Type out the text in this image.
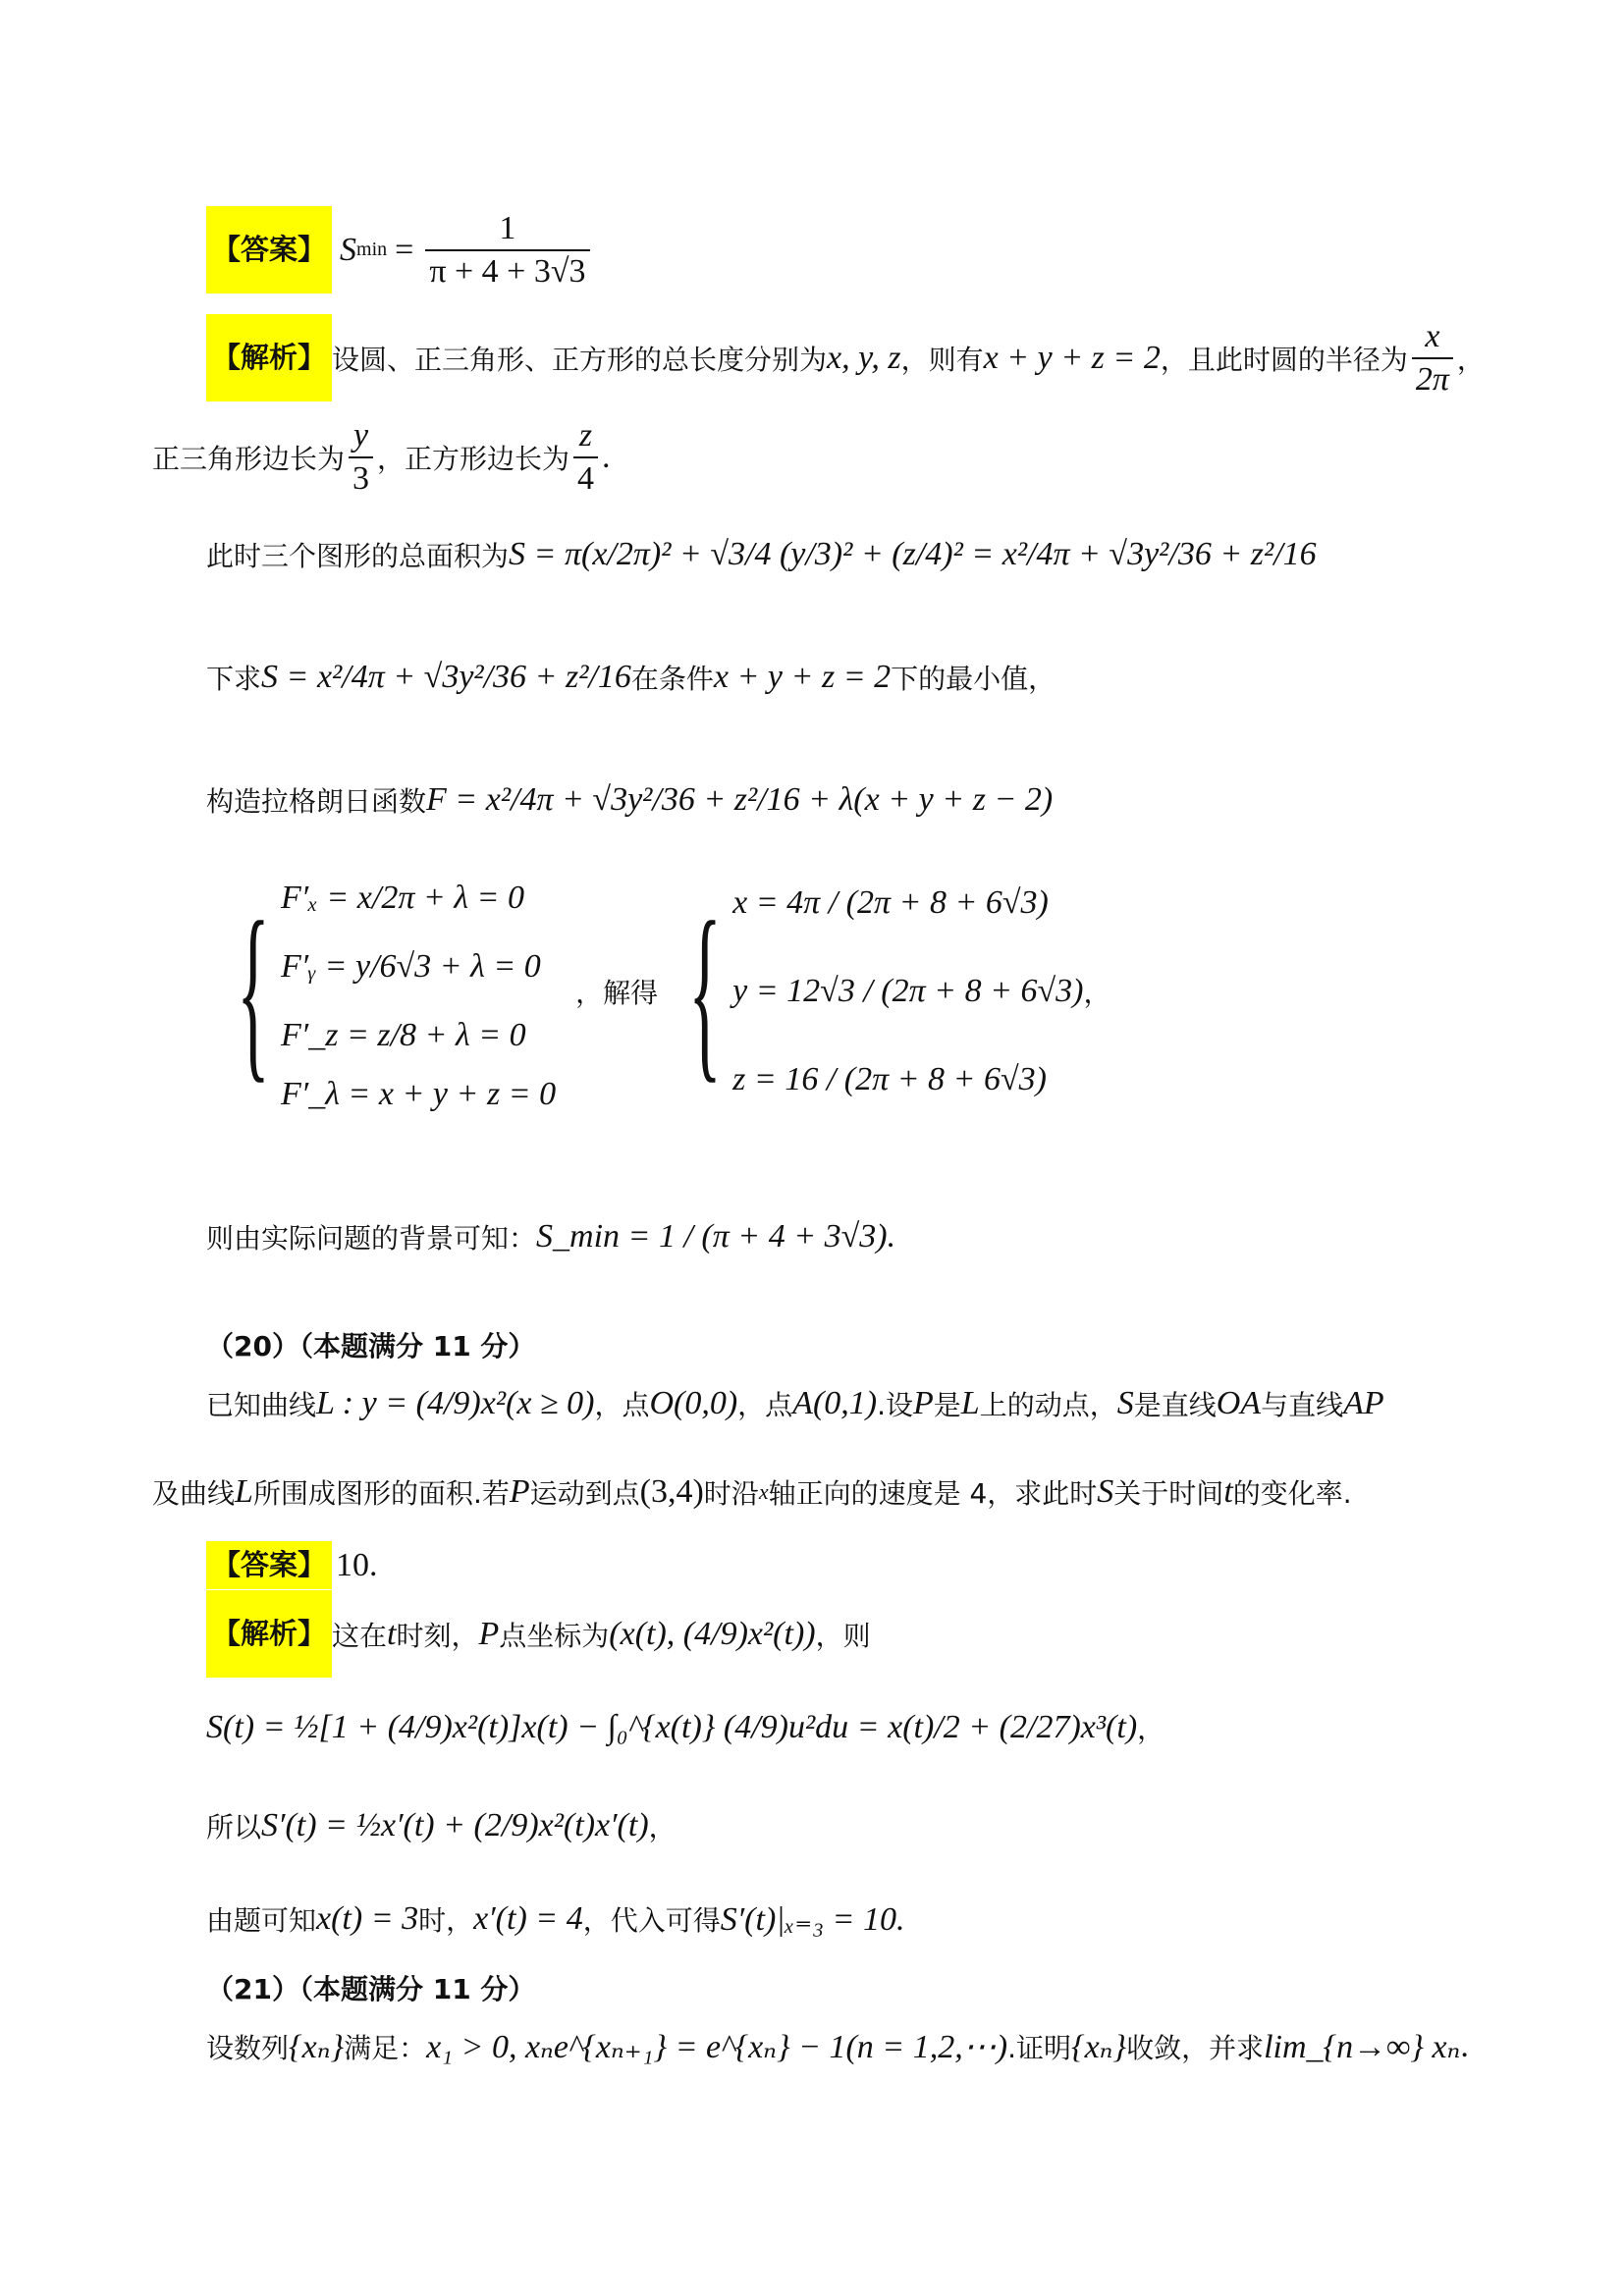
【答案】 S $\min = \frac{1}{\pi + 4 + 3√3}$
【解析】 设圆、正三角形、正方形的总长度分别为 x, y, z ，则有 x + y + z = 2 ，且此时圆的半径为 $\frac{x}{2\pi}$ ，
正三角形边长为 $\frac{y}{3}$ ，正方形边长为 $\frac{z}{4}$ .
此时三个图形的总面积为 S = π(x/2π)² + √3/4 (y/3)² + (z/4)² = x²/4π + √3y²/36 + z²/16
下求 S = x²/4π + √3y²/36 + z²/16 在条件 x + y + z = 2 下的最小值，
构造拉格朗日函数 F = x²/4π + √3y²/36 + z²/16 + λ(x + y + z − 2)
{ F′ₓ = x/2π + λ = 0
F′ᵧ = y/6√3 + λ = 0
F′_z = z/8 + λ = 0
F′_λ = x + y + z = 0
，解得 { x = 4π / (2π + 8 + 6√3)
y = 12√3 / (2π + 8 + 6√3)
z = 16 / (2π + 8 + 6√3)
，
则由实际问题的背景可知： S_min = 1 / (π + 4 + 3√3).
（20）（本题满分 11 分）
已知曲线 L : y = (4/9)x²(x ≥ 0) ，点 O(0,0) ，点 A(0,1) .设 P 是 L 上的动点， S 是直线 OA 与直线 AP
及曲线 L 所围成图形的面积.若 P 运动到点 (3,4) 时沿 x 轴正向的速度是 4，求此时 S 关于时间 t 的变化率.
【答案】 10.
【解析】 这在 t 时刻， P 点坐标为 (x(t), (4/9)x²(t)) ，则
S(t) = ½[1 + (4/9)x²(t)]x(t) − ∫₀^{x(t)} (4/9)u²du = x(t)/2 + (2/27)x³(t) ，
所以 S′(t) = ½x′(t) + (2/9)x²(t)x′(t) ，
由题可知 x(t) = 3 时， x′(t) = 4 ，代入可得 S′(t)|ₓ₌₃ = 10.
（21）（本题满分 11 分）
设数列 {xₙ} 满足： x₁ > 0, xₙe^{xₙ₊₁} = e^{xₙ} − 1(n = 1,2,⋯) .证明 {xₙ} 收敛，并求 lim_{n→∞} xₙ .
